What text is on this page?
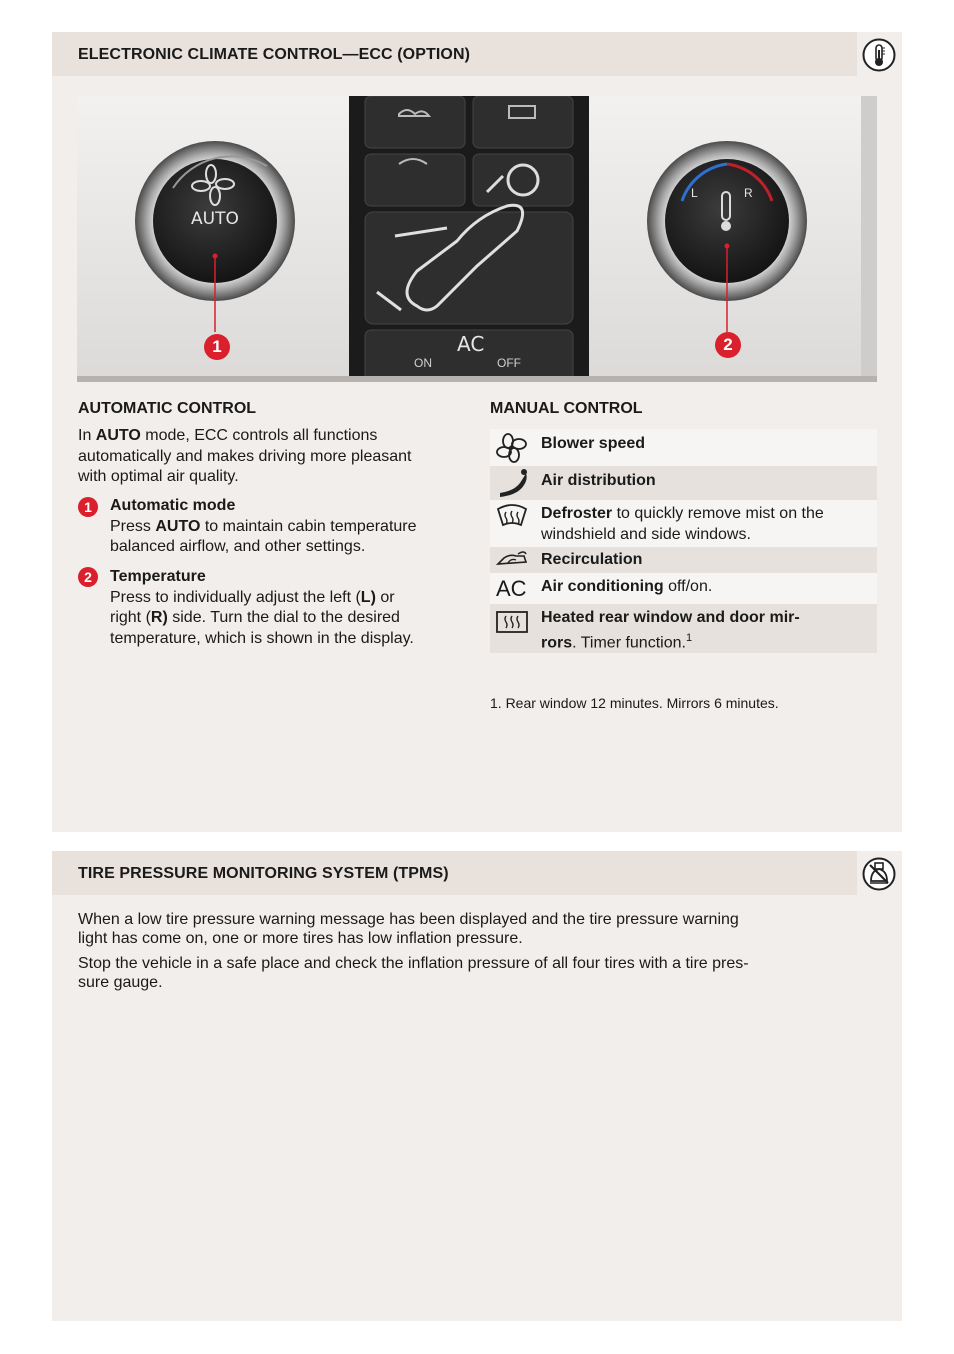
ELECTRONIC CLIMATE CONTROL—ECC (OPTION)
AUTO
L	R
AC
ON	OFF
1	2
AUTOMATIC CONTROL
In AUTO mode, ECC controls all functions
automatically and makes driving more pleasant
with optimal air quality.
1	Automatic mode
Press AUTO to maintain cabin temperature
balanced airflow, and other settings.
2	Temperature
Press to individually adjust the left (L) or
right (R) side. Turn the dial to the desired
temperature, which is shown in the display.
MANUAL CONTROL
Blower speed
Air distribution
Defroster to quickly remove mist on the
windshield and side windows.
Recirculation
AC Air conditioning off/on.
Heated rear window and door mir-
rors. Timer function.$^1$
1. Rear window 12 minutes. Mirrors 6 minutes.
TIRE PRESSURE MONITORING SYSTEM (TPMS)
When a low tire pressure warning message has been displayed and the tire pressure warning
light has come on, one or more tires has low inflation pressure.
Stop the vehicle in a safe place and check the inflation pressure of all four tires with a tire pres-
sure gauge.
